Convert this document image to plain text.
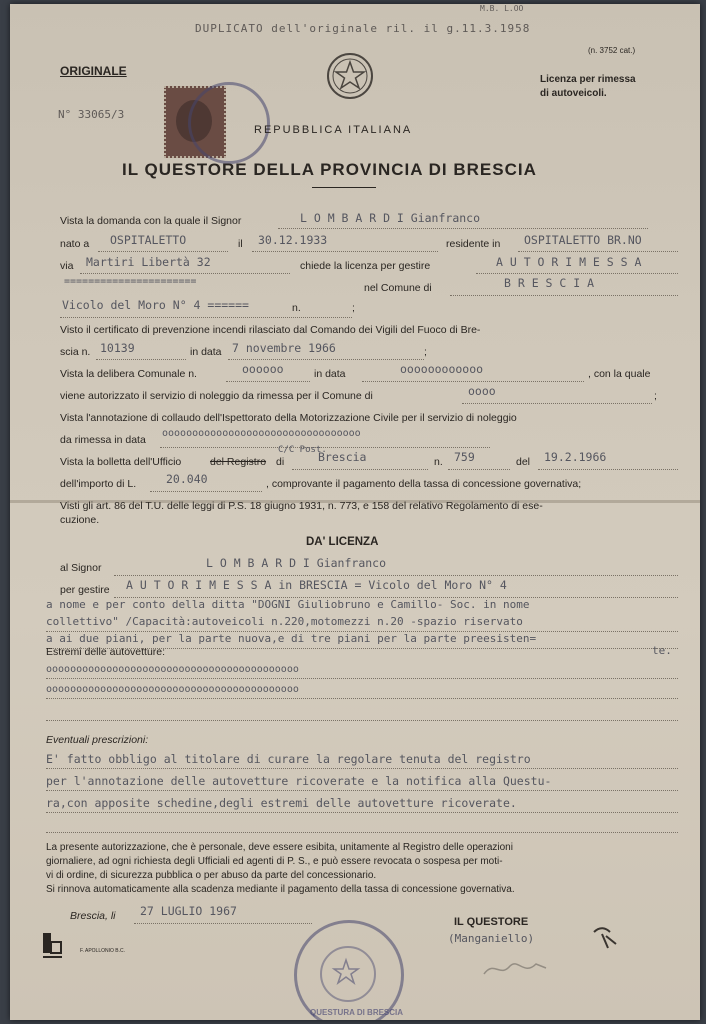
DUPLICATO dell'originale ril. il g.11.3.1958
M.B. L.OO
(n. 3752 cat.)
ORIGINALE
N° 33065/3
Licenza per rimessa
di autoveicoli.
REPUBBLICA ITALIANA
IL QUESTORE DELLA PROVINCIA DI BRESCIA
Vista la domanda con la quale il Signor	L O M B A R D I Gianfranco
nato a OSPITALETTO	il 30.12.1933	residente in OSPITALETTO BR.NO
via Martiri Libertà 32	chiede la licenza per gestire	A U T O R I M E S S A
======================
nel Comune di	B R E S C I A
Vicolo del Moro N° 4 ======	n.	;
Visto il certificato di prevenzione incendi rilasciato dal Comando dei Vigili del Fuoco di Bre-
scia n. 10139	in data 7 novembre 1966	;
Vista la delibera Comunale n.	oooooo	in data	oooooooooooo	, con la quale
viene autorizzato il servizio di noleggio da rimessa per il Comune di	oooo	;
Vista l'annotazione di collaudo dell'Ispettorato della Motorizzazione Civile per il servizio di noleggio
da rimessa in data
ooooooooooooooooooooooooooooooooo
C/C Post.
Vista la bolletta dell'Ufficio	del Registro di	Brescia	n. 759	del 19.2.1966
dell'importo di L.	20.040	, comprovante il pagamento della tassa di concessione governativa;
Visti gli art. 86 del T.U. delle leggi di P.S. 18 giugno 1931, n. 773, e 158 del relativo Regolamento di ese-
cuzione.
DA' LICENZA
al Signor	L O M B A R D I Gianfranco
per gestire A U T O R I M E S S A in BRESCIA = Vicolo del Moro N° 4
a nome e per conto della ditta "DOGNI Giuliobruno e Camillo- Soc. in nome
collettivo" /Capacità:autoveicoli n.220,motomezzi n.20 -spazio riservato
a ai due piani, per la parte nuova,e di tre piani per la parte preesisten=
te.
Estremi delle autovetture:
oooooooooooooooooooooooooooooooooooooooooo
oooooooooooooooooooooooooooooooooooooooooo
Eventuali prescrizioni:
E' fatto obbligo al titolare di curare la regolare tenuta del registro
per l'annotazione delle autovetture ricoverate e la notifica alla Questu-
ra,con apposite schedine,degli estremi delle autovetture ricoverate.
La presente autorizzazione, che è personale, deve essere esibita, unitamente al Registro delle operazioni
giornaliere, ad ogni richiesta degli Ufficiali ed agenti di P. S., e può essere revocata o sospesa per moti-
vi di ordine, di sicurezza pubblica o per abuso da parte del concessionario.
Si rinnova automaticamente alla scadenza mediante il pagamento della tassa di concessione governativa.
Brescia, li 27 LUGLIO 1967
IL QUESTORE
(Manganiello)
F. APOLLONIO B.C.
QUESTURA DI BRESCIA
